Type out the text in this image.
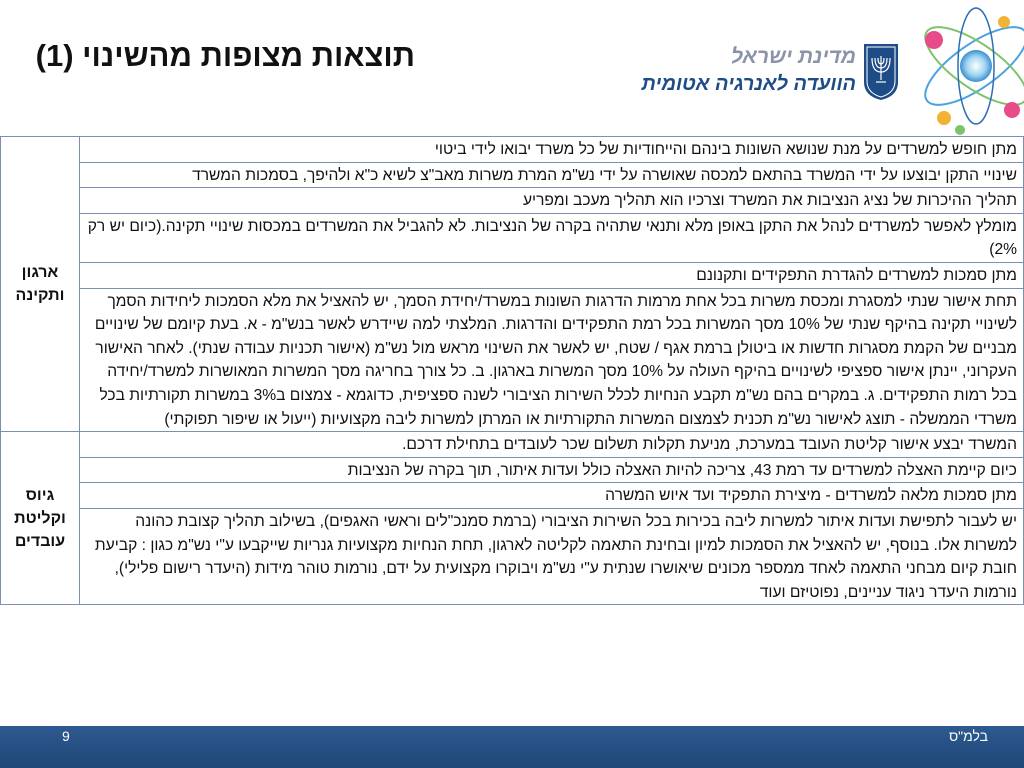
תוצאות מצופות מהשינוי (1)	מדינת ישראל
הוועדה לאנרגיה אטומית
מתן חופש למשרדים על מנת שנושא השונות בינהם והייחודיות של כל משרד יבואו לידי ביטוי	ארגון ותקינה
שינויי התקן יבוצעו על ידי המשרד בהתאם למכסה שאושרה על ידי נש"מ המרת משרות מאב"צ לשיא כ"א ולהיפך, בסמכות המשרד	
תהליך ההיכרות של נציג הנציבות את המשרד וצרכיו הוא תהליך מעכב ומפריע	
מומלץ לאפשר למשרדים לנהל את התקן באופן מלא ותנאי שתהיה בקרה של הנציבות. לא להגביל את המשרדים במכסות שינויי תקינה.(כיום יש רק 2%)	
מתן סמכות למשרדים להגדרת התפקידים ותקנונם	
תחת אישור שנתי למסגרת ומכסת משרות בכל אחת מרמות הדרגות השונות במשרד/יחידת הסמך, יש להאציל את מלא הסמכות ליחידות הסמך לשינויי תקינה בהיקף שנתי של 10% מסך המשרות בכל רמת התפקידים והדרגות. המלצתי למה שיידרש לאשר בנש"מ - א. בעת קיומם של שינויים מבניים של הקמת מסגרות חדשות או ביטולן ברמת אגף / שטח, יש לאשר את השינוי מראש מול נש"מ (אישור תכניות עבודה שנתי). לאחר האישור העקרוני, יינתן אישור ספציפי לשינויים בהיקף העולה על 10% מסך המשרות בארגון. ב. כל צורך בחריגה מסך המשרות המאושרות למשרד/יחידה בכל רמות התפקידים. ג. במקרים בהם נש"מ תקבע הנחיות לכלל השירות הציבורי לשנה ספציפית, כדוגמא - צמצום ב3% במשרות תקורתיות בכל משרדי הממשלה - תוצג לאישור נש"מ תכנית לצמצום המשרות התקורתיות או המרתן למשרות ליבה מקצועיות (ייעול או שיפור תפוקתי)	
המשרד יבצע אישור קליטת העובד במערכת, מניעת תקלות תשלום שכר לעובדים בתחילת דרכם.	גיוס וקליטת עובדים
כיום קיימת האצלה למשרדים עד רמת 43, צריכה להיות האצלה כולל ועדות איתור, תוך בקרה של הנציבות	
מתן סמכות מלאה למשרדים - מיצירת התפקיד ועד איוש המשרה	
יש לעבור לתפישת ועדות איתור למשרות ליבה בכירות בכל השירות הציבורי (ברמת סמנכ"לים וראשי האגפים), בשילוב תהליך קצובת כהונה למשרות אלו. בנוסף, יש להאציל את הסמכות למיון ובחינת התאמה לקליטה לארגון, תחת הנחיות מקצועיות גנריות שייקבעו ע"י נש"מ כגון : קביעת חובת קיום מבחני התאמה לאחד ממספר מכונים שיאושרו שנתית ע"י נש"מ ויבוקרו מקצועית על ידם, נורמות טוהר מידות (היעדר רישום פלילי), נורמות היעדר ניגוד עניינים, נפוטיזם ועוד	
בלמ"ס
9
